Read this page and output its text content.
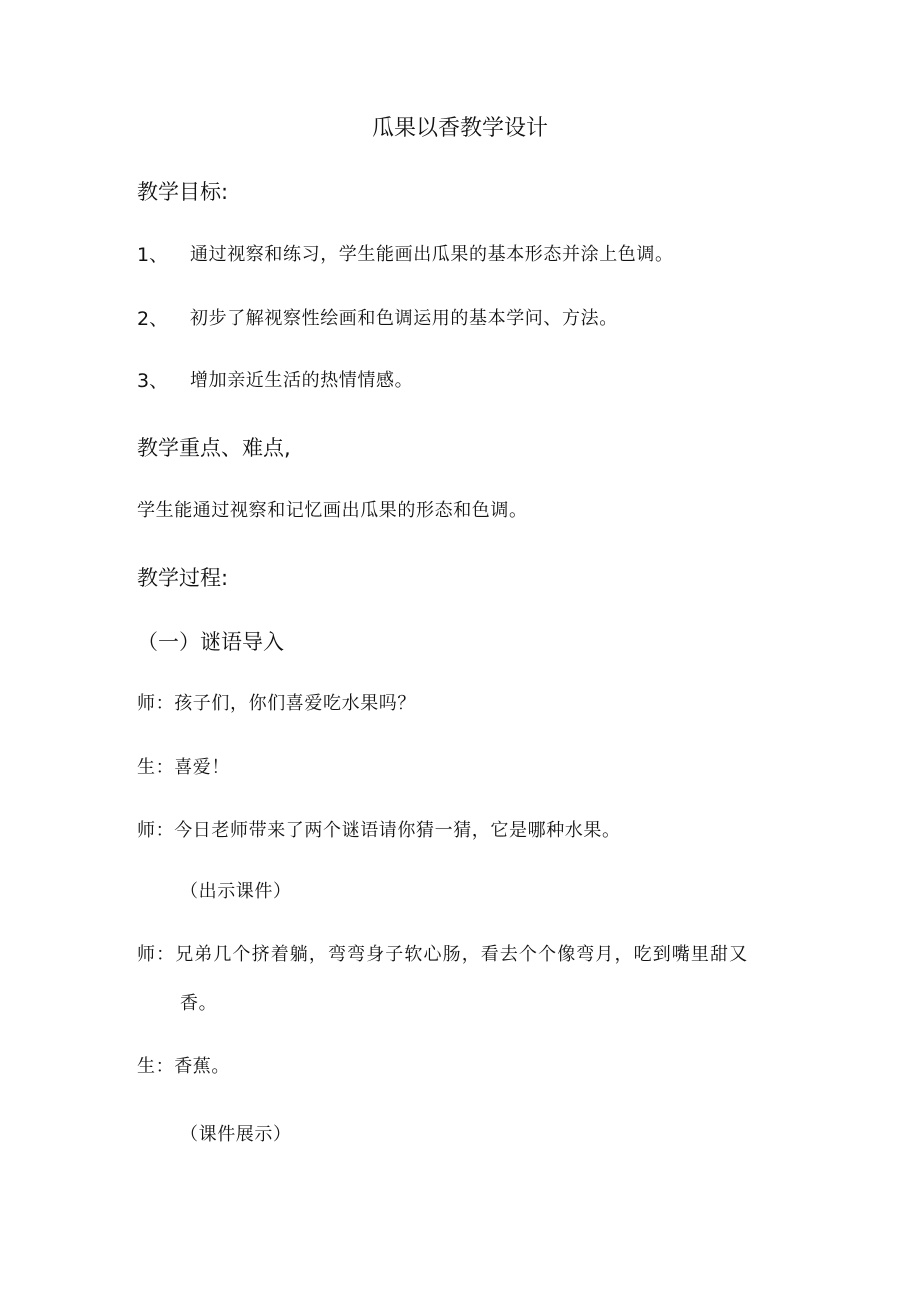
瓜果以香教学设计
教学目标:
1、 通过视察和练习，学生能画出瓜果的基本形态并涂上色调。
2、 初步了解视察性绘画和色调运用的基本学问、方法。
3、 增加亲近生活的热情情感。
教学重点、难点,
学生能通过视察和记忆画出瓜果的形态和色调。
教学过程:
（一）谜语导入
师：孩子们，你们喜爱吃水果吗？
生：喜爱！
师：今日老师带来了两个谜语请你猜一猜，它是哪种水果。
（出示课件）
师：兄弟几个挤着躺，弯弯身子软心肠，看去个个像弯月，吃到嘴里甜又
香。
生：香蕉。
（课件展示）
